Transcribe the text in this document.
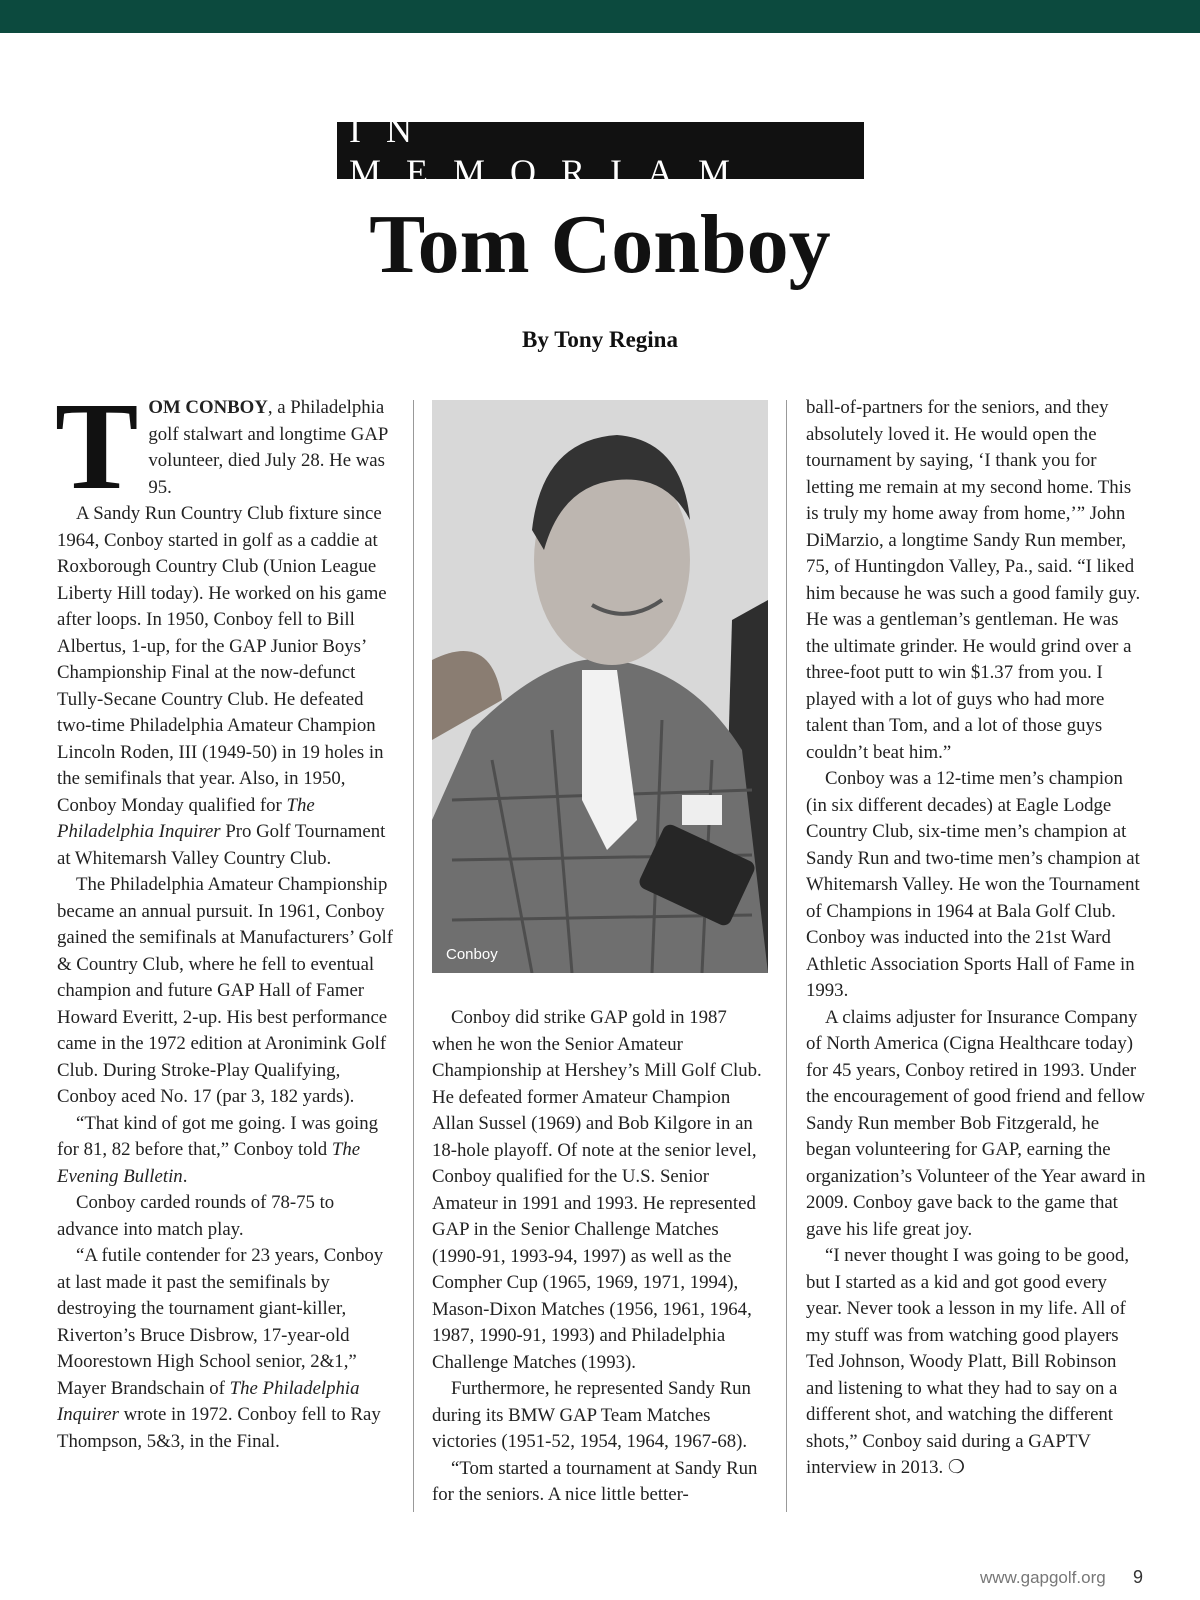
IN MEMORIAM
Tom Conboy
By Tony Regina

TOM CONBOY, a Philadelphia golf stalwart and longtime GAP volunteer, died July 28. He was 95.

A Sandy Run Country Club fixture since 1964, Conboy started in golf as a caddie at Roxborough Country Club (Union League Liberty Hill today). He worked on his game after loops. In 1950, Conboy fell to Bill Albertus, 1-up, for the GAP Junior Boys’ Championship Final at the now-defunct Tully-Secane Country Club. He defeated two-time Philadelphia Amateur Champion Lincoln Roden, III (1949-50) in 19 holes in the semifinals that year. Also, in 1950, Conboy Monday qualified for The Philadelphia Inquirer Pro Golf Tournament at Whitemarsh Valley Country Club.

The Philadelphia Amateur Championship became an annual pursuit. In 1961, Conboy gained the semifinals at Manufacturers’ Golf & Country Club, where he fell to eventual champion and future GAP Hall of Famer Howard Everitt, 2-up. His best performance came in the 1972 edition at Aronimink Golf Club. During Stroke-Play Qualifying, Conboy aced No. 17 (par 3, 182 yards).

“That kind of got me going. I was going for 81, 82 before that,” Conboy told The Evening Bulletin.

Conboy carded rounds of 78-75 to advance into match play.

“A futile contender for 23 years, Conboy at last made it past the semifinals by destroying the tournament giant-killer, Riverton’s Bruce Disbrow, 17-year-old Moorestown High School senior, 2&1,” Mayer Brandschain of The Philadelphia Inquirer wrote in 1972. Conboy fell to Ray Thompson, 5&3, in the Final.

Conboy

Conboy did strike GAP gold in 1987 when he won the Senior Amateur Championship at Hershey’s Mill Golf Club. He defeated former Amateur Champion Allan Sussel (1969) and Bob Kilgore in an 18-hole playoff. Of note at the senior level, Conboy qualified for the U.S. Senior Amateur in 1991 and 1993. He represented GAP in the Senior Challenge Matches (1990-91, 1993-94, 1997) as well as the Compher Cup (1965, 1969, 1971, 1994), Mason-Dixon Matches (1956, 1961, 1964, 1987, 1990-91, 1993) and Philadelphia Challenge Matches (1993).

Furthermore, he represented Sandy Run during its BMW GAP Team Matches victories (1951-52, 1954, 1964, 1967-68).

“Tom started a tournament at Sandy Run for the seniors. A nice little better-

ball-of-partners for the seniors, and they absolutely loved it. He would open the tournament by saying, ‘I thank you for letting me remain at my second home. This is truly my home away from home,’” John DiMarzio, a longtime Sandy Run member, 75, of Huntingdon Valley, Pa., said. “I liked him because he was such a good family guy. He was a gentleman’s gentleman. He was the ultimate grinder. He would grind over a three-foot putt to win $1.37 from you. I played with a lot of guys who had more talent than Tom, and a lot of those guys couldn’t beat him.”

Conboy was a 12-time men’s champion (in six different decades) at Eagle Lodge Country Club, six-time men’s champion at Sandy Run and two-time men’s champion at Whitemarsh Valley. He won the Tournament of Champions in 1964 at Bala Golf Club. Conboy was inducted into the 21st Ward Athletic Association Sports Hall of Fame in 1993.

A claims adjuster for Insurance Company of North America (Cigna Healthcare today) for 45 years, Conboy retired in 1993. Under the encouragement of good friend and fellow Sandy Run member Bob Fitzgerald, he began volunteering for GAP, earning the organization’s Volunteer of the Year award in 2009. Conboy gave back to the game that gave his life great joy.

“I never thought I was going to be good, but I started as a kid and got good every year. Never took a lesson in my life. All of my stuff was from watching good players Ted Johnson, Woody Platt, Bill Robinson and listening to what they had to say on a different shot, and watching the different shots,” Conboy said during a GAPTV interview in 2013. ❍

www.gapgolf.org 9
